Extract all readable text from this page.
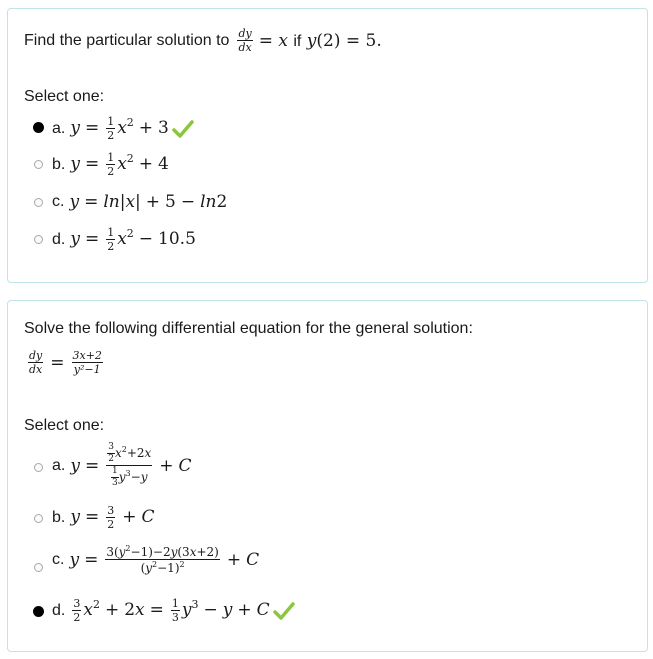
Find the particular solution to $\frac{dy}{dx} = x$ if y(2) = 5.
Select one:
a. $y = \frac{1}{2} x^2 + 3$
b. $y = \frac{1}{2} x^2 + 4$
c. y = ln|x| + 5 − ln2
d. $y = \frac{1}{2} x^2 - 10.5$
Solve the following differential equation for the general solution:
$\frac{dy}{dx} = \frac{3x+2}{\text{y²−1}}$
Select one:
a. $y = \frac{\frac{3}{2} x^2+2x}{\frac{1}{3} y^3-y} + C$
b. $y = \frac{3}{2} + C$
c. $y = \frac{3(y^2-1)-2y(3x+2)}{(y^2-1)^2} + C$
d. $\frac{3}{2} x^2 + 2x = \frac{1}{3} y^3 - y + C$
